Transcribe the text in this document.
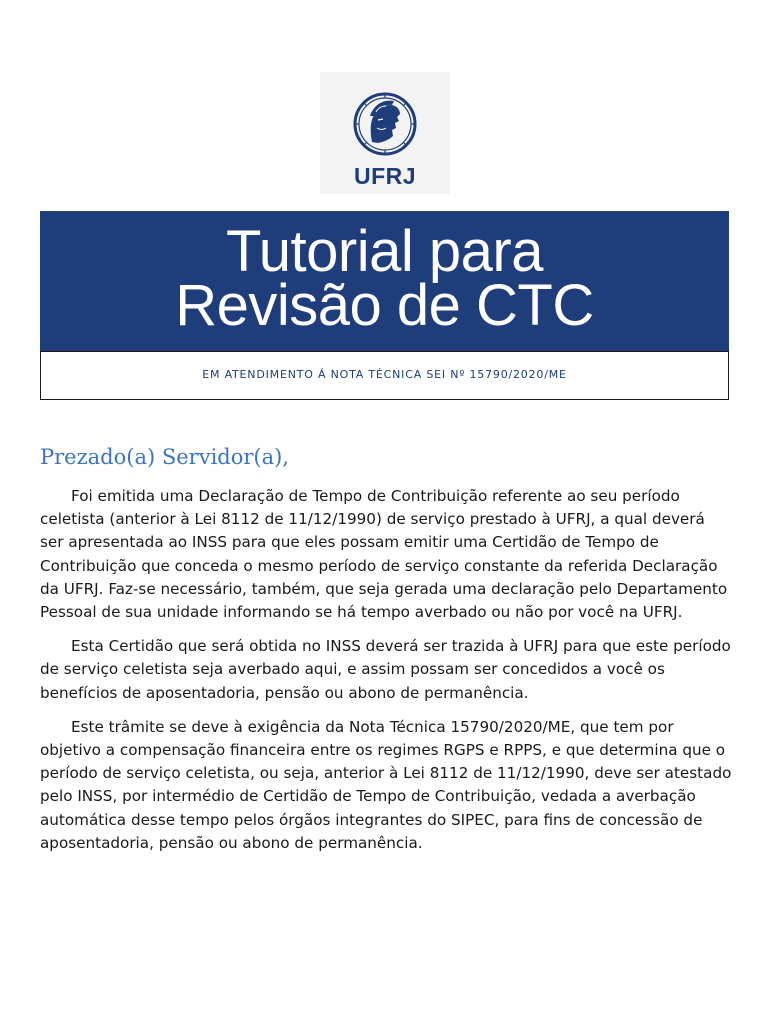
UFRJ
Tutorial para
Revisão de CTC
EM ATENDIMENTO Á NOTA TÉCNICA SEI Nº 15790/2020/ME
Prezado(a) Servidor(a),

Foi emitida uma Declaração de Tempo de Contribuição referente ao seu período celetista (anterior à Lei 8112 de 11/12/1990) de serviço prestado à UFRJ, a qual deverá ser apresentada ao INSS para que eles possam emitir uma Certidão de Tempo de Contribuição que conceda o mesmo período de serviço constante da referida Declaração da UFRJ. Faz-se necessário, também, que seja gerada uma declaração pelo Departamento Pessoal de sua unidade informando se há tempo averbado ou não por você na UFRJ.

Esta Certidão que será obtida no INSS deverá ser trazida à UFRJ para que este período de serviço celetista seja averbado aqui, e assim possam ser concedidos a você os benefícios de aposentadoria, pensão ou abono de permanência.

Este trâmite se deve à exigência da Nota Técnica 15790/2020/ME, que tem por objetivo a compensação financeira entre os regimes RGPS e RPPS, e que determina que o período de serviço celetista, ou seja, anterior à Lei 8112 de 11/12/1990, deve ser atestado pelo INSS, por intermédio de Certidão de Tempo de Contribuição, vedada a averbação automática desse tempo pelos órgãos integrantes do SIPEC, para fins de concessão de aposentadoria, pensão ou abono de permanência.
